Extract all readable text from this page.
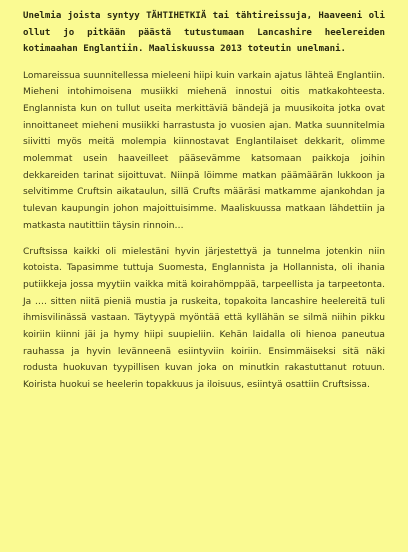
Unelmia joista syntyy TÄHTIHETKIÄ tai tähtireissuja, Haaveeni oli ollut jo pitkään päästä tutustumaan Lancashire heelereiden kotimaahan Englantiin. Maaliskuussa 2013 toteutin unelmani.

Lomareissua suunnitellessa mieleeni hiipi kuin varkain ajatus lähteä Englantiin. Mieheni intohimoisena musiikki miehenä innostui oitis matkakohteesta. Englannista kun on tullut useita merkittäviä bändejä ja muusikoita jotka ovat innoittaneet mieheni musiikki harrastusta jo vuosien ajan. Matka suunnitelmia siivitti myös meitä molempia kiinnostavat Englantilaiset dekkarit, olimme molemmat usein haaveilleet pääsevämme katsomaan paikkoja joihin dekkareiden tarinat sijoittuvat. Niinpä löimme matkan päämäärän lukkoon ja selvitimme Cruftsin aikataulun, sillä Crufts määräsi matkamme ajankohdan ja tulevan kaupungin johon majoittuisimme. Maaliskuussa matkaan lähdettiin ja matkasta nautittiin täysin rinnoin…

Cruftsissa kaikki oli mielestäni hyvin järjestettyä ja tunnelma jotenkin niin kotoista. Tapasimme tuttuja Suomesta, Englannista ja Hollannista, oli ihania putiikkeja jossa myytiin vaikka mitä koirahömppää, tarpeellista ja tarpeetonta. Ja …. sitten niitä pieniä mustia ja ruskeita, topakoita lancashire heelereitä tuli ihmisvilinässä vastaan. Täytyypä myöntää että kyllähän se silmä niihin pikku koiriin kiinni jäi ja hymy hiipi suupieliin. Kehän laidalla oli hienoa paneutua rauhassa ja hyvin levänneenä esiintyviin koiriin. Ensimmäiseksi sitä näki rodusta huokuvan tyypillisen kuvan joka on minutkin rakastuttanut rotuun. Koirista huokui se heelerin topakkuus ja iloisuus, esiintyä osattiin Cruftsissa.
